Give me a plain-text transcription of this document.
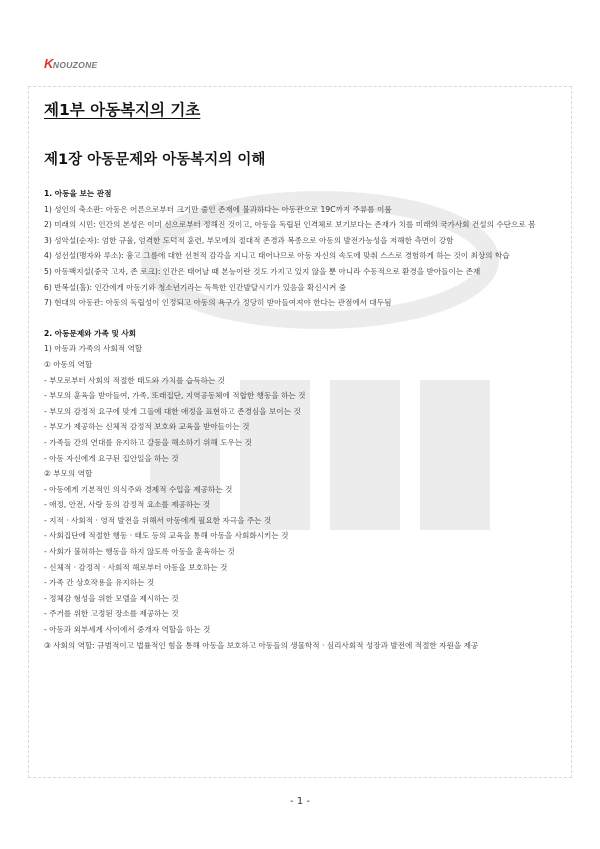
K NOUZONE
제1부 아동복지의 기초
제1장 아동문제와 아동복지의 이해
1. 아동을 보는 관점
1) 성인의 축소판: 아동은 어른으로부터 크기만 줄인 존재에 불과하다는 아동관으로 19C까지 주류를 이룸
2) 미래의 시민: 인간의 본성은 이미 신으로부터 정해진 것이고, 아동을 독립된 인격체로 보기보다는 존재가 치를 미래의 국가사회 건설의 수단으로 봄
3) 성악설(순자): 엄한 규율, 엄격한 도덕적 훈련, 부모에의 절대적 존경과 복종으로 아동의 발전가능성을 저해한 측면이 강함
4) 성선설(맹자와 루소): 흉고 그름에 대한 선천적 감각을 지니고 태어나므로 아동 자신의 속도에 맞춰 스스로 경험하게 하는 것이 최상의 학습
5) 아동백지설(중국 고자, 존 로크): 인간은 태어날 때 본능이란 것도 가지고 있지 않을 뿐 아니라 수동적으로 환경을 받아들이는 존재
6) 반복설(홀): 인간에게 아동기와 청소년기라는 독특한 인간발달시기가 있음을 확신시켜 줌
7) 현대의 아동관: 아동의 독립성이 인정되고 아동의 욕구가 정당히 받아들여져야 한다는 관점에서 대두됨
2. 아동문제와 가족 및 사회
1) 아동과 가족의 사회적 역할
① 아동의 역할
- 부모로부터 사회의 적절한 태도와 가치를 습득하는 것
- 부모의 훈육을 받아들여, 가족, 또래집단, 지역공동체에 적합한 행동을 하는 것
- 부모의 감정적 요구에 맞게 그들에 대한 애정을 표현하고 존경심을 보이는 것
- 부모가 제공하는 신체적 감정적 보호와 교육을 받아들이는 것
- 가족들 간의 연대를 유지하고 갈등을 해소하기 위해 도우는 것
- 아동 자신에게 요구된 집안일을 하는 것
② 부모의 역할
- 아동에게 기본적인 의식주와 경제적 수입을 제공하는 것
- 애정, 안전, 사랑 등의 감정적 요소를 제공하는 것
- 지적 · 사회적 · 영적 발전을 위해서 아동에게 필요한 자극을 주는 것
- 사회집단에 적절한 행동 · 태도 등의 교육을 통해 아동을 사회화시키는 것
- 사회가 불허하는 행동을 하지 않도록 아동을 훈육하는 것
- 신체적 · 감정적 · 사회적 해로부터 아동을 보호하는 것
- 가족 간 상호작용을 유지하는 것
- 정체감 형성을 위한 모델을 제시하는 것
- 주거를 위한 고정된 장소를 제공하는 것
- 아동과 외부세계 사이에서 중개자 역할을 하는 것
③ 사회의 역할: 규범적이고 법률적인 힘을 통해 아동을 보호하고 아동들의 생물학적 · 심리사회적 성장과 발전에 적절한 자원을 제공
- 1 -
